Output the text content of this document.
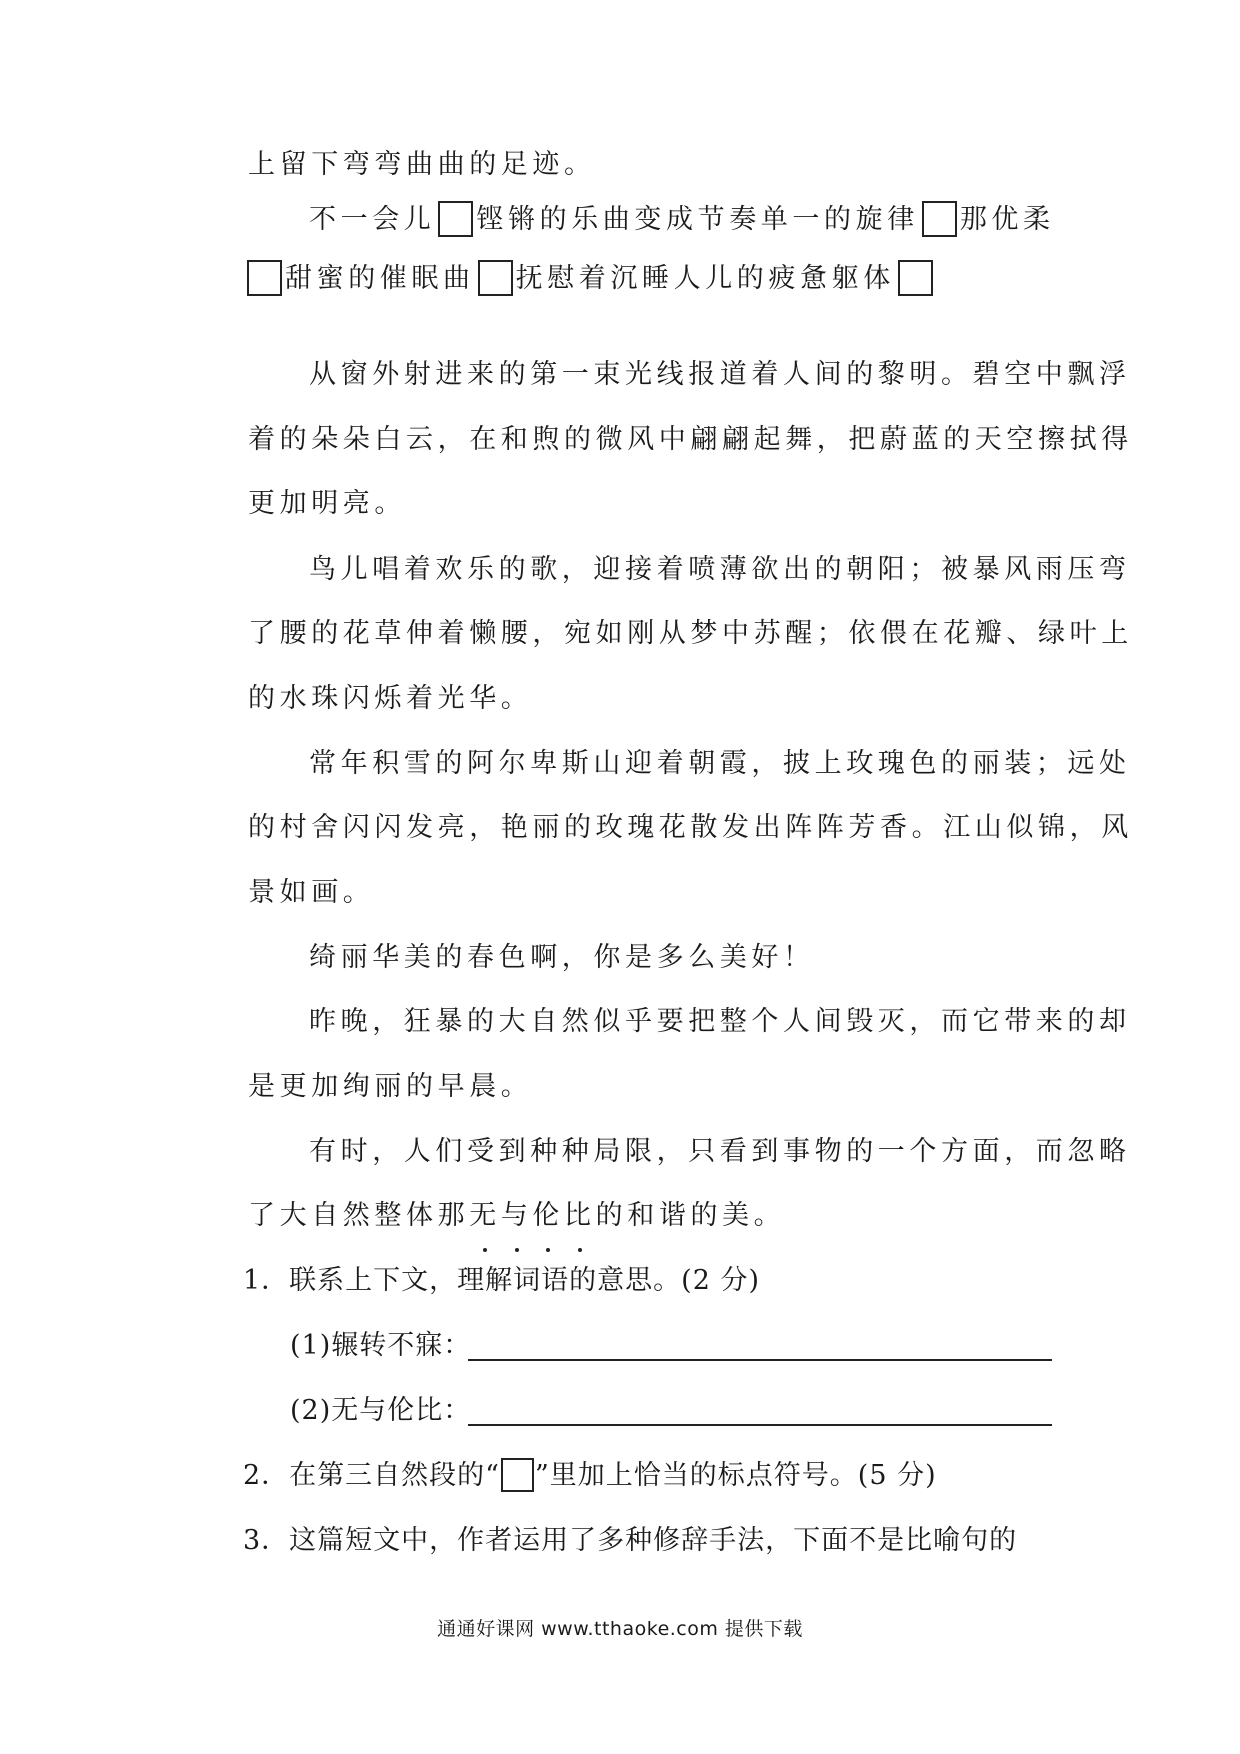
上留下弯弯曲曲的足迹。
不一会儿 铿锵的乐曲变成节奏单一的旋律 那优柔
甜蜜的催眠曲 抚慰着沉睡人儿的疲惫躯体
从窗外射进来的第一束光线报道着人间的黎明。碧空中飘浮
着的朵朵白云，在和煦的微风中翩翩起舞，把蔚蓝的天空擦拭得
更加明亮。
鸟儿唱着欢乐的歌，迎接着喷薄欲出的朝阳；被暴风雨压弯
了腰的花草伸着懒腰，宛如刚从梦中苏醒；依偎在花瓣、绿叶上
的水珠闪烁着光华。
常年积雪的阿尔卑斯山迎着朝霞，披上玫瑰色的丽装；远处
的村舍闪闪发亮，艳丽的玫瑰花散发出阵阵芳香。江山似锦，风
景如画。
绮丽华美的春色啊，你是多么美好！
昨晚，狂暴的大自然似乎要把整个人间毁灭，而它带来的却
是更加绚丽的早晨。
有时，人们受到种种局限，只看到事物的一个方面，而忽略
了大自然整体那无与伦比的和谐的美。
1．联系上下文，理解词语的意思。(2 分)
(1)辗转不寐：
(2)无与伦比：
2．在第三自然段的“ ”里加上恰当的标点符号。(5 分)
3．这篇短文中，作者运用了多种修辞手法，下面不是比喻句的
通通好课网 www.tthaoke.com 提供下载
